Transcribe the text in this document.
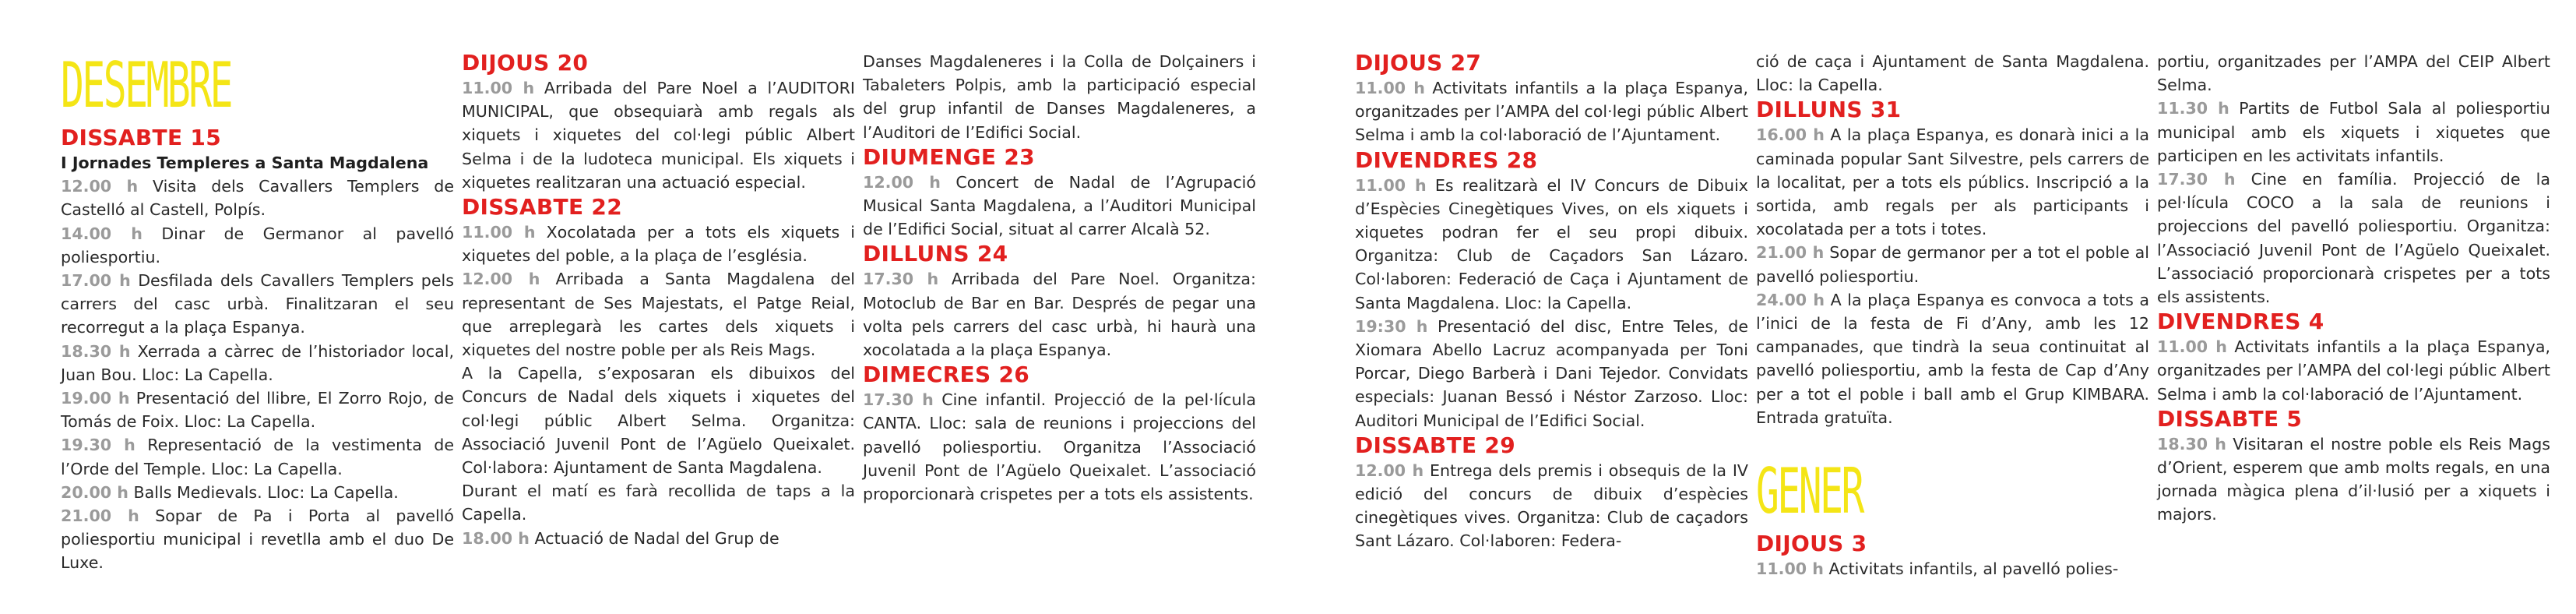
DESEMBRE
DISSABTE 15
I Jornades Templeres a Santa Magdalena
12.00 h Visita dels Cavallers Templers de Castelló al Castell, Polpís.
14.00 h Dinar de Germanor al pavelló poliesportiu.
17.00 h Desfilada dels Cavallers Templers pels carrers del casc urbà. Finalitzaran el seu recorregut a la plaça Espanya.
18.30 h Xerrada a càrrec de l’historiador local, Juan Bou. Lloc: La Capella.
19.00 h Presentació del llibre, El Zorro Rojo, de Tomás de Foix. Lloc: La Capella.
19.30 h Representació de la vestimenta de l’Orde del Temple. Lloc: La Capella.
20.00 h Balls Medievals. Lloc: La Capella.
21.00 h Sopar de Pa i Porta al pavelló poliesportiu municipal i revetlla amb el duo De Luxe.
DIJOUS 20
11.00 h Arribada del Pare Noel a l’AUDITORI MUNICIPAL, que obsequiarà amb regals als xiquets i xiquetes del col·legi públic Albert Selma i de la ludoteca municipal. Els xiquets i xiquetes realitzaran una actuació especial.
DISSABTE 22
11.00 h Xocolatada per a tots els xiquets i xiquetes del poble, a la plaça de l’església.
12.00 h Arribada a Santa Magdalena del representant de Ses Majestats, el Patge Reial, que arreplegarà les cartes dels xiquets i xiquetes del nostre poble per als Reis Mags.
A la Capella, s’exposaran els dibuixos del Concurs de Nadal dels xiquets i xiquetes del col·legi públic Albert Selma. Organitza: Associació Juvenil Pont de l’Agüelo Queixalet. Col·labora: Ajuntament de Santa Magdalena.
Durant el matí es farà recollida de taps a la Capella.
18.00 h Actuació de Nadal del Grup de
Danses Magdaleneres i la Colla de Dolçainers i Tabaleters Polpis, amb la participació especial del grup infantil de Danses Magdaleneres, a l’Auditori de l’Edifici Social.
DIUMENGE 23
12.00 h Concert de Nadal de l’Agrupació Musical Santa Magdalena, a l’Auditori Municipal de l’Edifici Social, situat al carrer Alcalà 52.
DILLUNS 24
17.30 h Arribada del Pare Noel. Organitza: Motoclub de Bar en Bar. Després de pegar una volta pels carrers del casc urbà, hi haurà una xocolatada a la plaça Espanya.
DIMECRES 26
17.30 h Cine infantil. Projecció de la pel·lícula CANTA. Lloc: sala de reunions i projeccions del pavelló poliesportiu. Organitza l’Associació Juvenil Pont de l’Agüelo Queixalet. L’associació proporcionarà crispetes per a tots els assistents.
DIJOUS 27
11.00 h Activitats infantils a la plaça Espanya, organitzades per l’AMPA del col·legi públic Albert Selma i amb la col·laboració de l’Ajuntament.
DIVENDRES 28
11.00 h Es realitzarà el IV Concurs de Dibuix d’Espècies Cinegètiques Vives, on els xiquets i xiquetes podran fer el seu propi dibuix. Organitza: Club de Caçadors San Lázaro. Col·laboren: Federació de Caça i Ajuntament de Santa Magdalena. Lloc: la Capella.
19:30 h Presentació del disc, Entre Teles, de Xiomara Abello Lacruz acompanyada per Toni Porcar, Diego Barberà i Dani Tejedor. Convidats especials: Juanan Bessó i Néstor Zarzoso. Lloc: Auditori Municipal de l’Edifici Social.
DISSABTE 29
12.00 h Entrega dels premis i obsequis de la IV edició del concurs de dibuix d’espècies cinegètiques vives. Organitza: Club de caçadors Sant Lázaro. Col·laboren: Federa-
ció de caça i Ajuntament de Santa Magdalena. Lloc: la Capella.
DILLUNS 31
16.00 h A la plaça Espanya, es donarà inici a la caminada popular Sant Silvestre, pels carrers de la localitat, per a tots els públics. Inscripció a la sortida, amb regals per als participants i xocolatada per a tots i totes.
21.00 h Sopar de germanor per a tot el poble al pavelló poliesportiu.
24.00 h A la plaça Espanya es convoca a tots a l’inici de la festa de Fi d’Any, amb les 12 campanades, que tindrà la seua continuitat al pavelló poliesportiu, amb la festa de Cap d’Any per a tot el poble i ball amb el Grup KIMBARA. Entrada gratuïta.
GENER
DIJOUS 3
11.00 h Activitats infantils, al pavelló polies-
portiu, organitzades per l’AMPA del CEIP Albert Selma.
11.30 h Partits de Futbol Sala al poliesportiu municipal amb els xiquets i xiquetes que participen en les activitats infantils.
17.30 h Cine en família. Projecció de la pel·lícula COCO a la sala de reunions i projeccions del pavelló poliesportiu. Organitza: l’Associació Juvenil Pont de l’Agüelo Queixalet. L’associació proporcionarà crispetes per a tots els assistents.
DIVENDRES 4
11.00 h Activitats infantils a la plaça Espanya, organitzades per l’AMPA del col·legi públic Albert Selma i amb la col·laboració de l’Ajuntament.
DISSABTE 5
18.30 h Visitaran el nostre poble els Reis Mags d’Orient, esperem que amb molts regals, en una jornada màgica plena d’il·lusió per a xiquets i majors.
